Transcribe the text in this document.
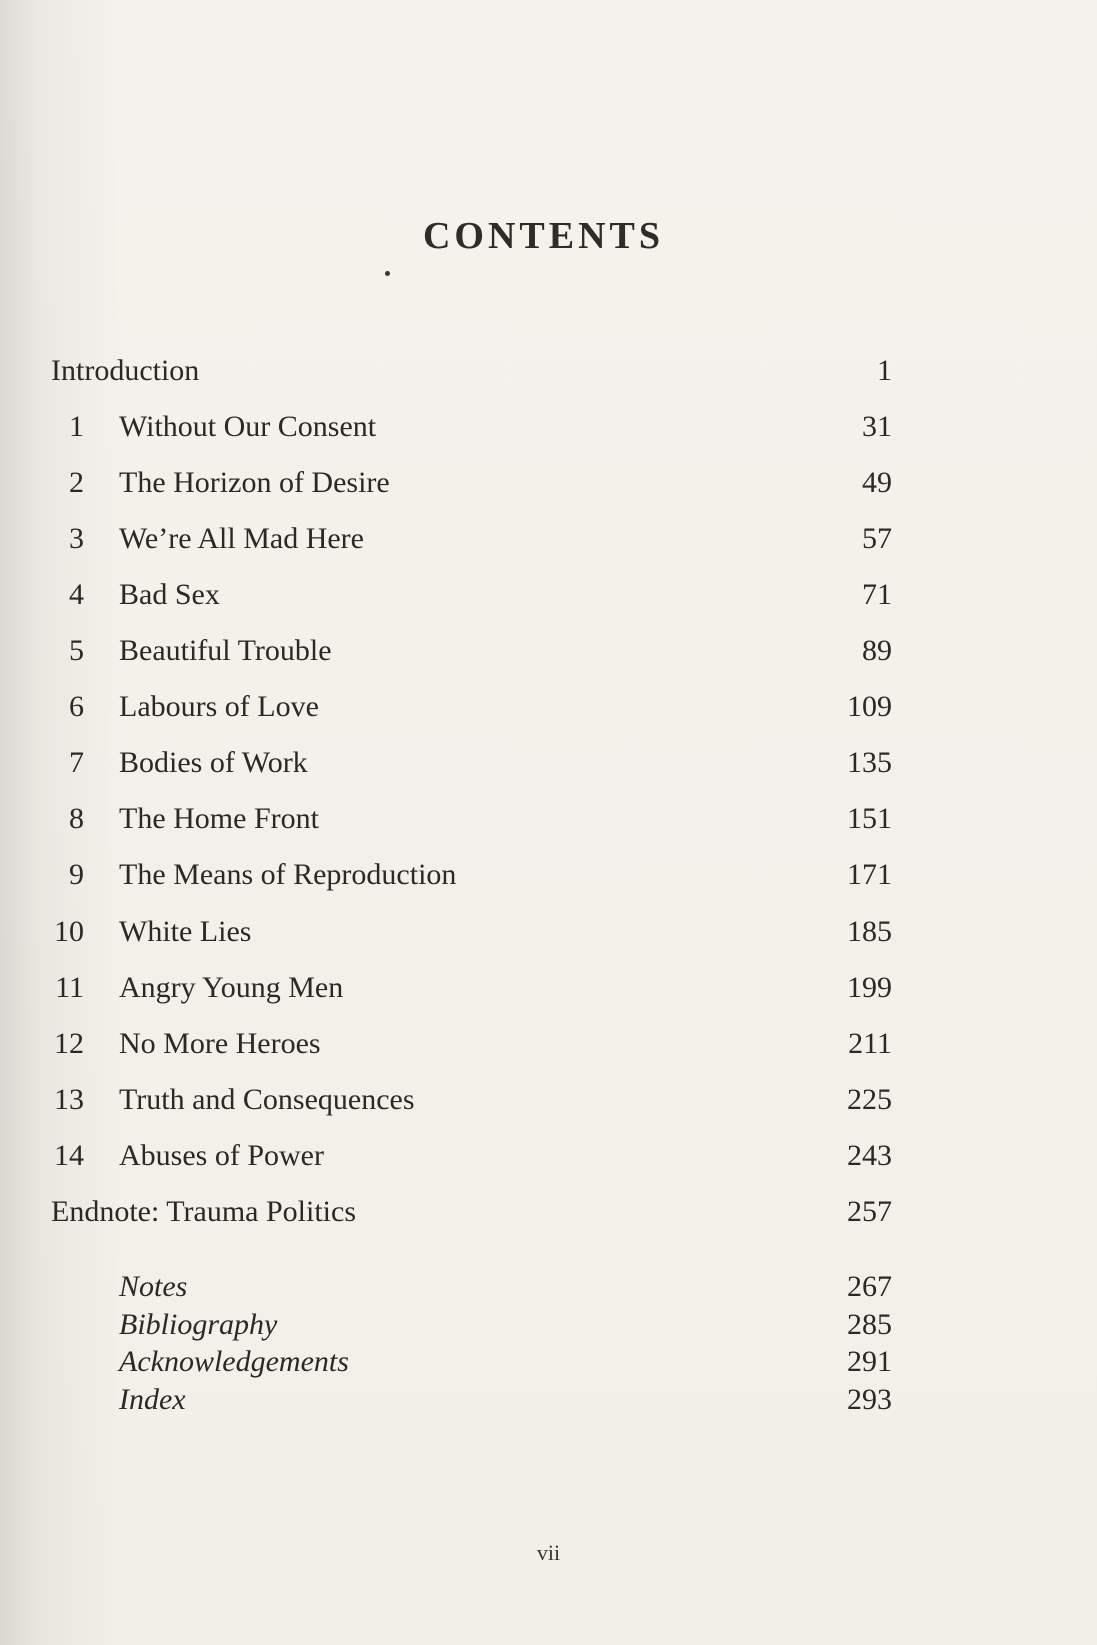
CONTENTS
Introduction	1
1 Without Our Consent	31
2 The Horizon of Desire	49
3 We’re All Mad Here	57
4 Bad Sex	71
5 Beautiful Trouble	89
6 Labours of Love	109
7 Bodies of Work	135
8 The Home Front	151
9 The Means of Reproduction	171
10 White Lies	185
11 Angry Young Men	199
12 No More Heroes	211
13 Truth and Consequences	225
14 Abuses of Power	243
Endnote: Trauma Politics	257
Notes	267
Bibliography	285
Acknowledgements	291
Index	293
vii
